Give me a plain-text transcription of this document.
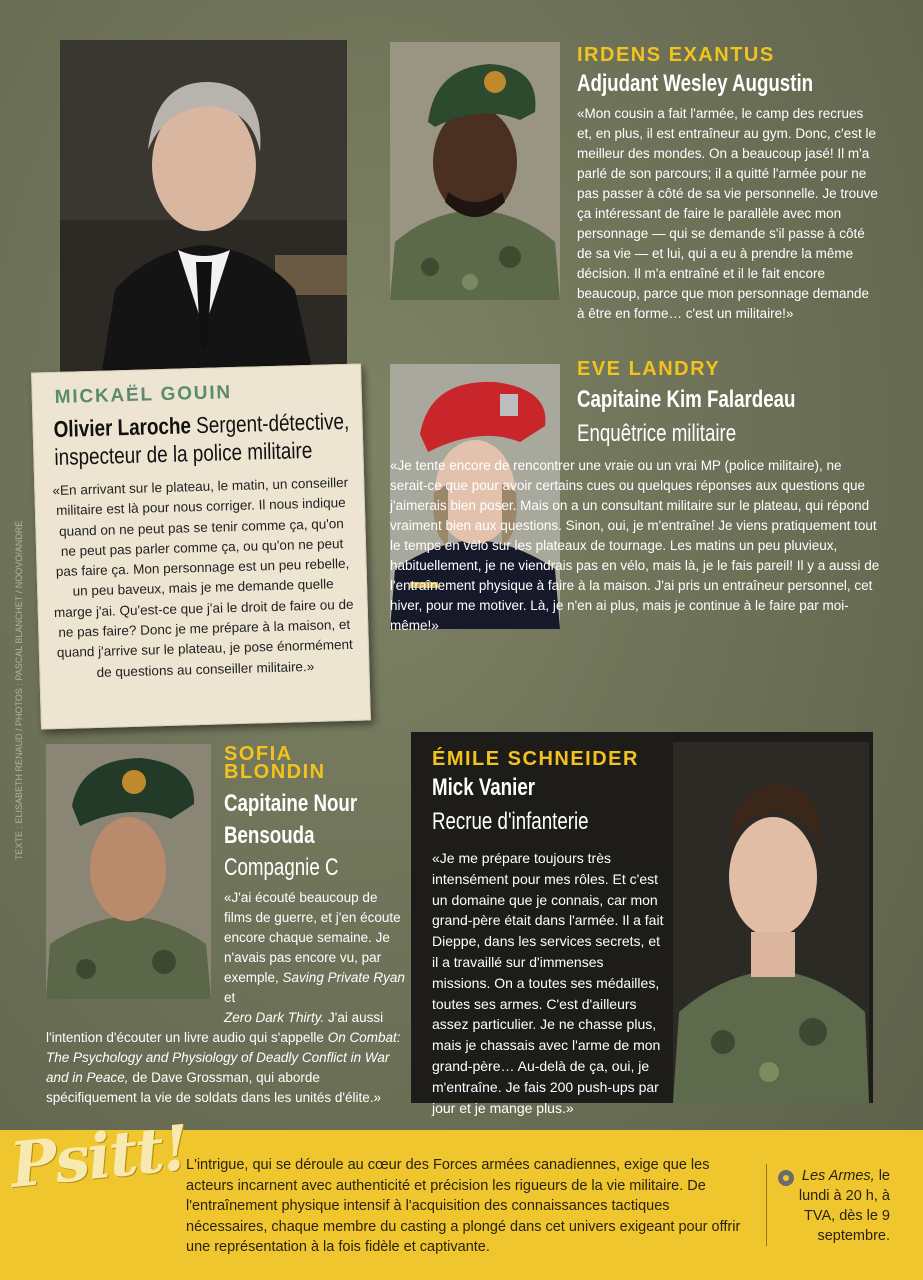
TEXTE : ELISABETH RENAUD / PHOTOS : PASCAL BLANCHET / NOOVO/ANDRÉ
IRDENS EXANTUS
Adjudant Wesley Augustin
«Mon cousin a fait l'armée, le camp des recrues et, en plus, il est entraîneur au gym. Donc, c'est le meilleur des mondes. On a beaucoup jasé! Il m'a parlé de son parcours; il a quitté l'armée pour ne pas passer à côté de sa vie personnelle. Je trouve ça intéressant de faire le parallèle avec mon personnage — qui se demande s'il passe à côté de sa vie — et lui, qui a eu à prendre la même décision. Il m'a entraîné et il le fait encore beaucoup, parce que mon personnage demande à être en forme… c'est un militaire!»
MICKAËL GOUIN
Olivier Laroche Sergent-détective, inspecteur de la police militaire
«En arrivant sur le plateau, le matin, un conseiller militaire est là pour nous corriger. Il nous indique quand on ne peut pas se tenir comme ça, qu'on ne peut pas parler comme ça, ou qu'on ne peut pas faire ça. Mon personnage est un peu rebelle, un peu baveux, mais je me demande quelle marge j'ai. Qu'est-ce que j'ai le droit de faire ou de ne pas faire? Donc je me prépare à la maison, et quand j'arrive sur le plateau, je pose énormément de questions au conseiller militaire.»
EVE LANDRY
Capitaine Kim Falardeau
Enquêtrice militaire
«Je tente encore de rencontrer une vraie ou un vrai MP (police militaire), ne serait-ce que pour avoir certains cues ou quelques réponses aux questions que j'aimerais bien poser. Mais on a un consultant militaire sur le plateau, qui répond vraiment bien aux questions. Sinon, oui, je m'entraîne! Je viens pratiquement tout le temps en vélo sur les plateaux de tournage. Les matins un peu pluvieux, habituellement, je ne viendrais pas en vélo, mais là, je le fais pareil! Il y a aussi de l'entraînement physique à faire à la maison. J'ai pris un entraîneur personnel, cet hiver, pour me motiver. Là, je n'en ai plus, mais je continue à le faire par moi-même!»
SOFIA
BLONDIN
Capitaine Nour
Bensouda
Compagnie C
«J'ai écouté beaucoup de films de guerre, et j'en écoute encore chaque semaine. Je n'avais pas encore vu, par exemple, Saving Private Ryan et
Zero Dark Thirty. J'ai aussi l'intention d'écouter un livre audio qui s'appelle On Combat: The Psychology and Physiology of Deadly Conflict in War and in Peace, de Dave Grossman, qui aborde spécifiquement la vie de soldats dans les unités d'élite.»
ÉMILE SCHNEIDER
Mick Vanier
Recrue d'infanterie
«Je me prépare toujours très intensément pour mes rôles. Et c'est un domaine que je connais, car mon grand-père était dans l'armée. Il a fait Dieppe, dans les services secrets, et il a travaillé sur d'immenses missions. On a toutes ses médailles, toutes ses armes. C'est d'ailleurs assez particulier. Je ne chasse plus, mais je chassais avec l'arme de mon grand-père… Au-delà de ça, oui, je m'entraîne. Je fais 200 push-ups par jour et je mange plus.»
Psitt!
L'intrigue, qui se déroule au cœur des Forces armées canadiennes, exige que les acteurs incarnent avec authenticité et précision les rigueurs de la vie militaire. De l'entraînement physique intensif à l'acquisition des connaissances tactiques nécessaires, chaque membre du casting a plongé dans cet univers exigeant pour offrir une représentation à la fois fidèle et captivante.
Les Armes, le lundi à 20 h, à TVA, dès le 9 septembre.
